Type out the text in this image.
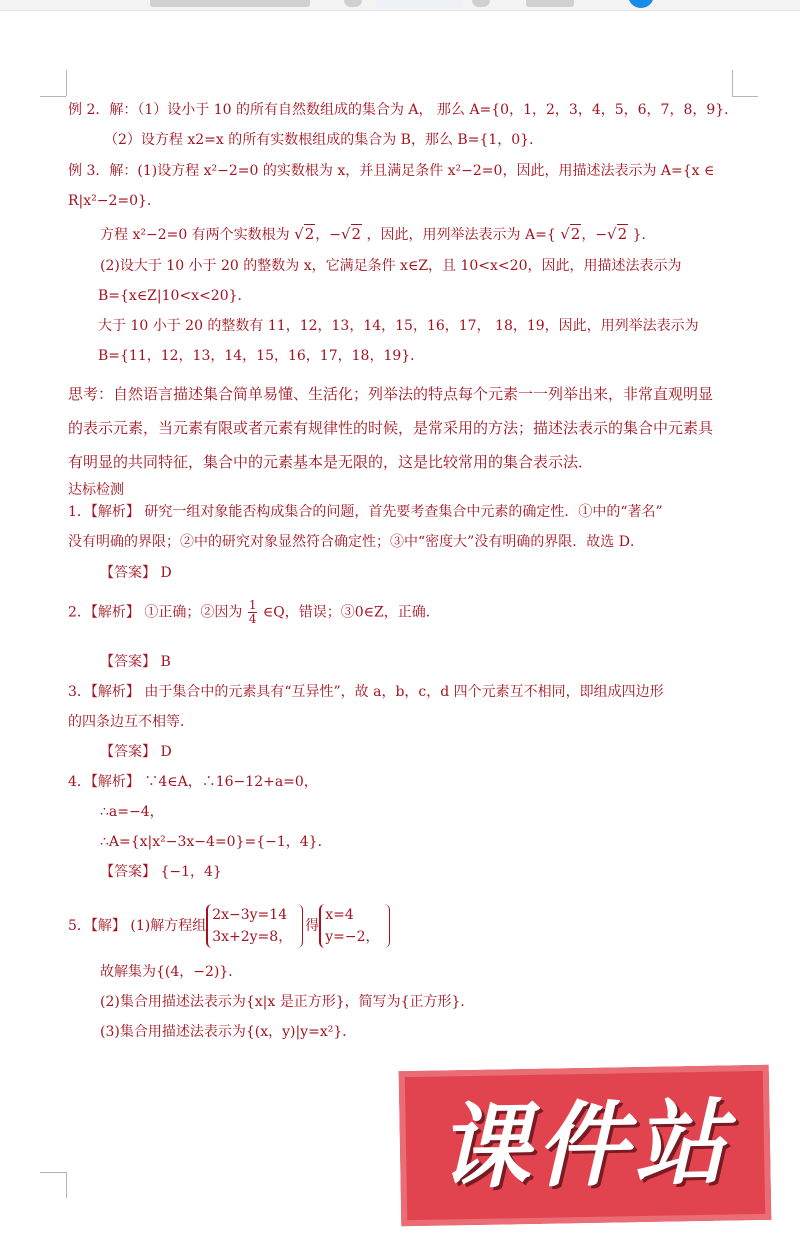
例 2．解：（1）设小于 10 的所有自然数组成的集合为 A， 那么 A={0，1，2，3，4，5，6，7，8，9}．
（2）设方程 x2=x 的所有实数根组成的集合为 B，那么 B={1，0}．
例 3．解：(1)设方程 x²−2=0 的实数根为 x，并且满足条件 x²−2=0，因此，用描述法表示为 A={x ∈
R|x²−2=0}．
方程 x²−2=0 有两个实数根为 √2，−√2 ，因此，用列举法表示为 A={ √2，−√2 }．
(2)设大于 10 小于 20 的整数为 x，它满足条件 x∈Z，且 10<x<20，因此，用描述法表示为
B={x∈Z|10<x<20}．
大于 10 小于 20 的整数有 11，12，13，14，15，16，17， 18，19，因此，用列举法表示为
B={11，12，13，14，15，16，17，18，19}．
思考：自然语言描述集合简单易懂、生活化；列举法的特点每个元素一一列举出来，非常直观明显
的表示元素，当元素有限或者元素有规律性的时候，是常采用的方法；描述法表示的集合中元素具
有明显的共同特征，集合中的元素基本是无限的，这是比较常用的集合表示法．
达标检测
1．【解析】 研究一组对象能否构成集合的问题，首先要考查集合中元素的确定性．①中的“著名”
没有明确的界限；②中的研究对象显然符合确定性；③中“密度大”没有明确的界限．故选 D．
【答案】 D
2．【解析】 ①正确；②因为 $\frac{1}{4}$ ∈Q，错误；③0∈Z，正确．
【答案】 B
3．【解析】 由于集合中的元素具有“互异性”，故 a，b，c，d 四个元素互不相同，即组成四边形
的四条边互不相等．
【答案】 D
4．【解析】 ∵4∈A，∴16−12+a=0，
∴a=−4，
∴A={x|x²−3x−4=0}={−1，4}．
【答案】 {−1，4}
5．【解】 (1)解方程组
2x−3y=14
3x+2y=8，
得
x=4
y=−2，
故解集为{(4，−2)}．
(2)集合用描述法表示为{x|x 是正方形}，简写为{正方形}．
(3)集合用描述法表示为{(x，y)|y=x²}．
课件站
